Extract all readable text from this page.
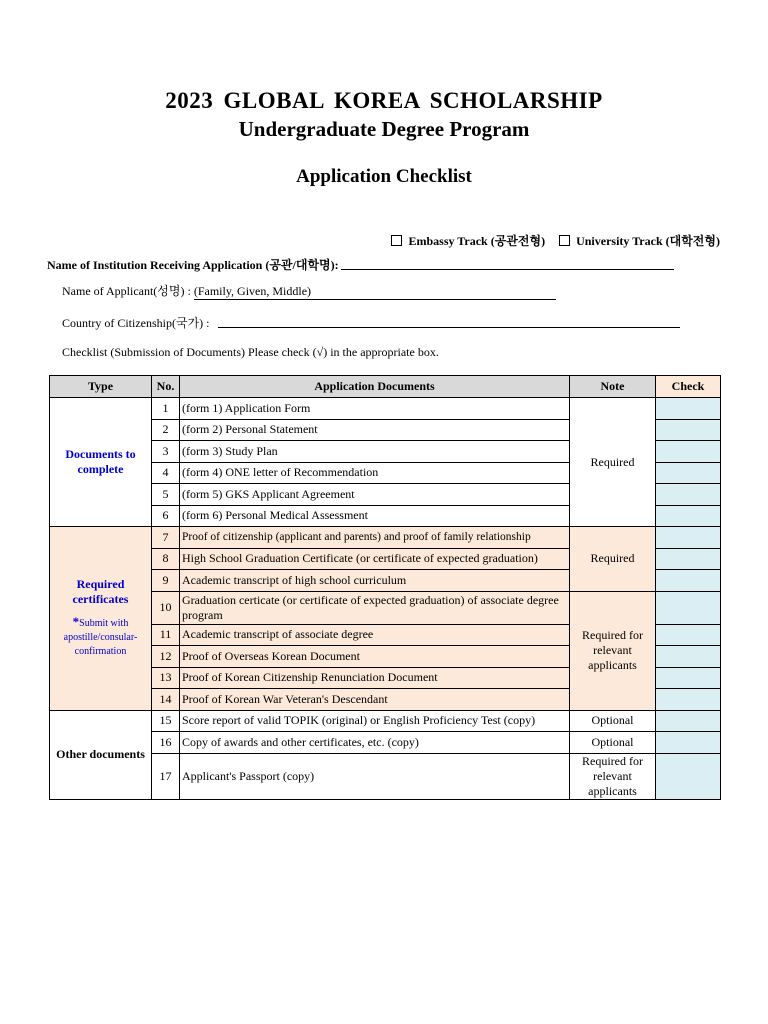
2023 GLOBAL KOREA SCHOLARSHIP
Undergraduate Degree Program
Application Checklist
Embassy Track (공관전형)	University Track (대학전형)
Name of Institution Receiving Application (공관/대학명):
Name of Applicant(성명) : (Family, Given, Middle)
Country of Citizenship(국가) :
Checklist (Submission of Documents) Please check (√) in the appropriate box.
Type	No.	Application Documents	Note	Check
Documents to complete	1	(form 1) Application Form	Required	
	2	(form 2) Personal Statement		
	3	(form 3) Study Plan		
	4	(form 4) ONE letter of Recommendation		
	5	(form 5) GKS Applicant Agreement		
	6	(form 6) Personal Medical Assessment		
Required certificates
*Submit with apostille/consular-confirmation	7	Proof of citizenship (applicant and parents) and proof of family relationship	Required	
	8	High School Graduation Certificate (or certificate of expected graduation)		
	9	Academic transcript of high school curriculum		
	10	Graduation certicate (or certificate of expected graduation) of associate degree program	Required for relevant applicants	
	11	Academic transcript of associate degree		
	12	Proof of Overseas Korean Document		
	13	Proof of Korean Citizenship Renunciation Document		
	14	Proof of Korean War Veteran's Descendant		
Other documents	15	Score report of valid TOPIK (original) or English Proficiency Test (copy)	Optional	
	16	Copy of awards and other certificates, etc. (copy)	Optional	
	17	Applicant's Passport (copy)	Required for relevant applicants	
